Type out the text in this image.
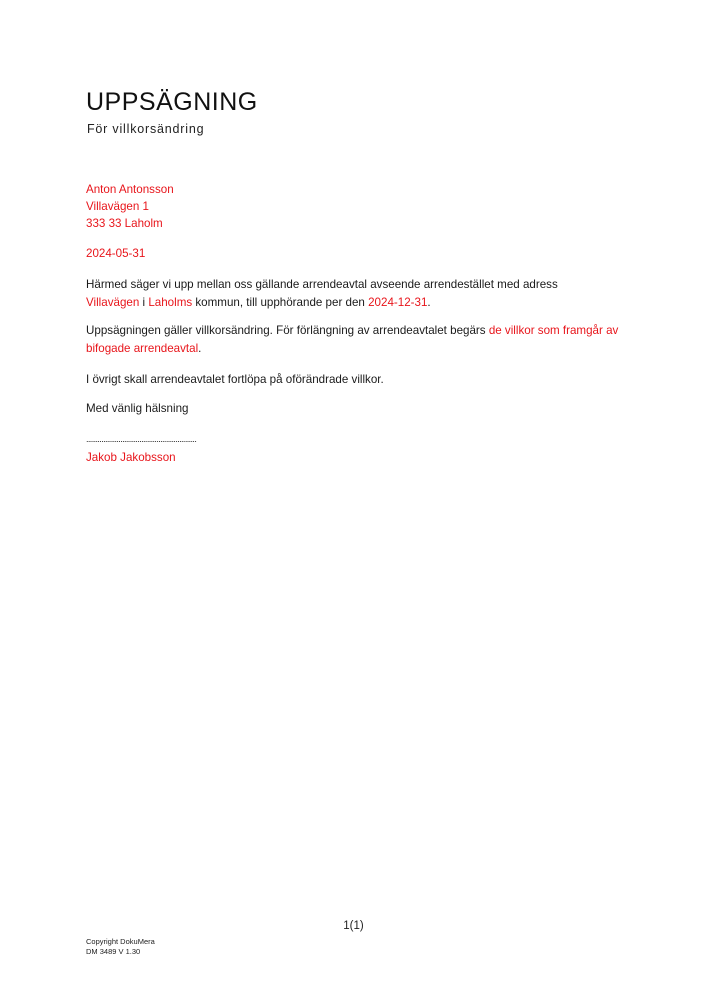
UPPSÄGNING
För villkorsändring
Anton Antonsson
Villavägen 1
333 33 Laholm
2024-05-31
Härmed säger vi upp mellan oss gällande arrendeavtal avseende arrendestället med adress
Villavägen i Laholms kommun, till upphörande per den 2024-12-31.
Uppsägningen gäller villkorsändring. För förlängning av arrendeavtalet begärs de villkor som framgår av bifogade arrendeavtal.
I övrigt skall arrendeavtalet fortlöpa på oförändrade villkor.
Med vänlig hälsning
..........................................................
Jakob Jakobsson
1(1)
Copyright DokuMera
DM 3489 V 1.30
